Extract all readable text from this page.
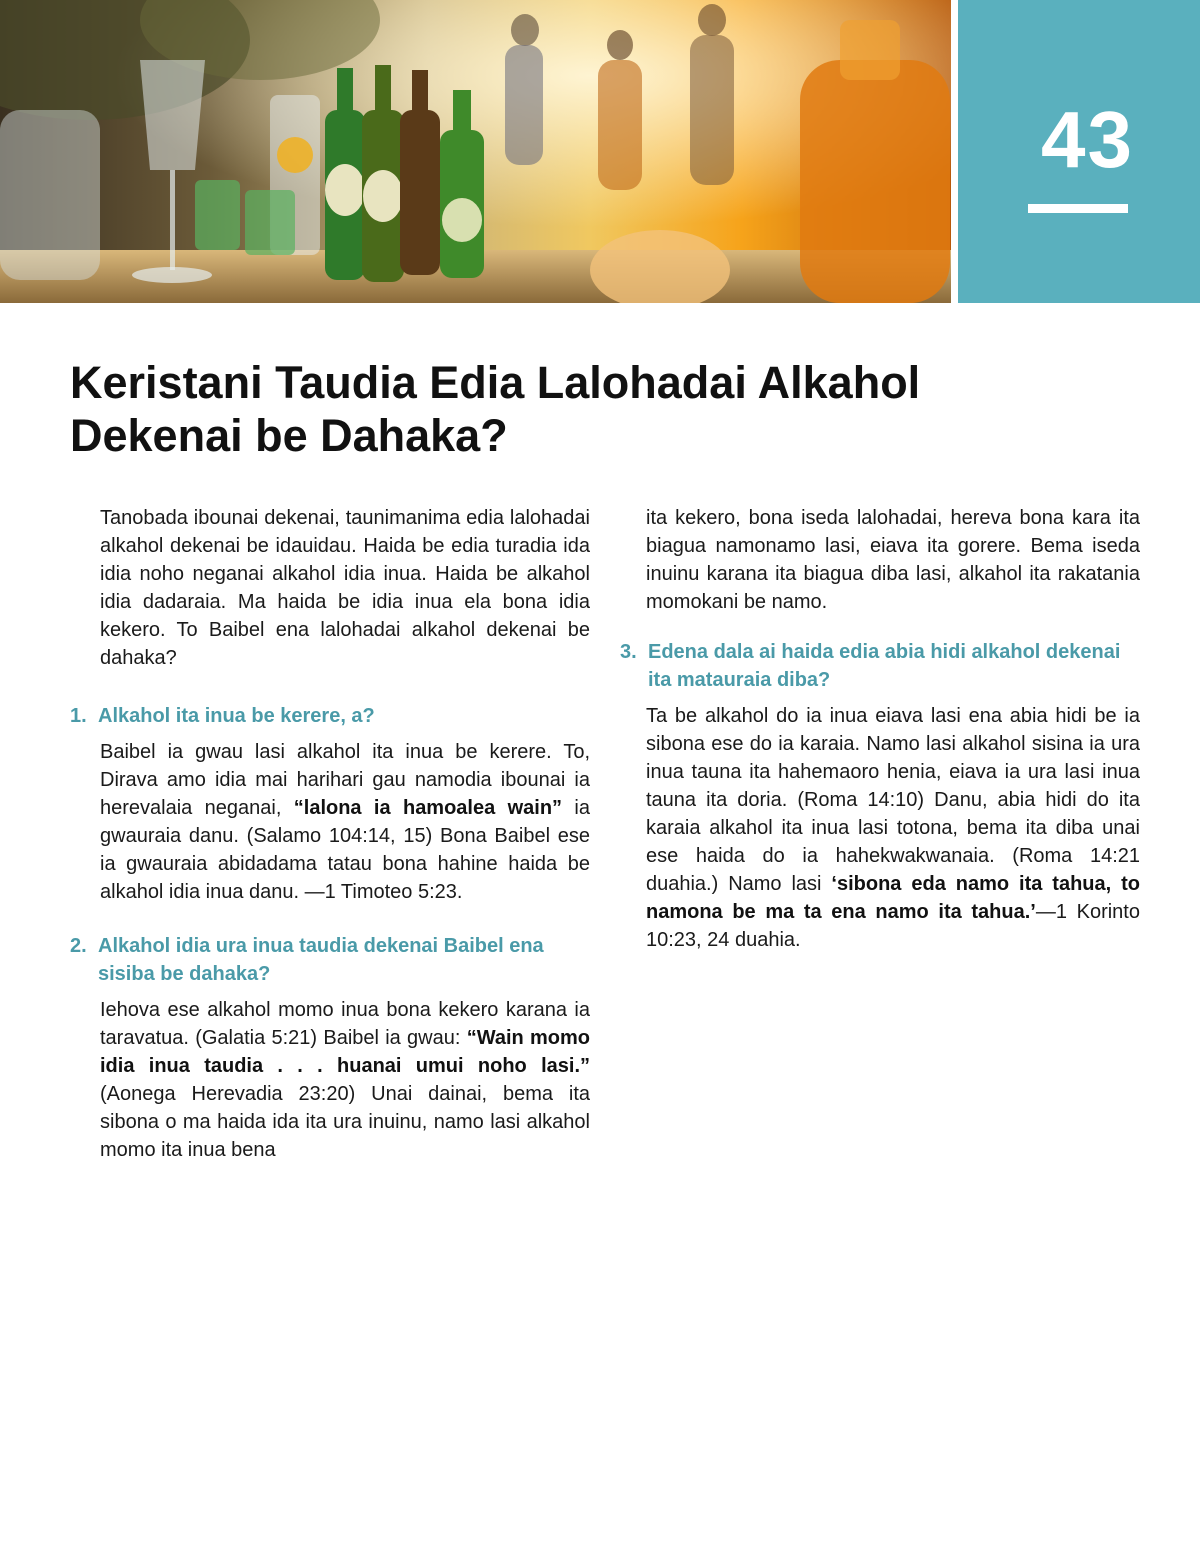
43
Keristani Taudia Edia Lalohadai Alkahol Dekenai be Dahaka?

Tanobada ibounai dekenai, taunimanima edia lalohadai alkahol dekenai be idauidau. Haida be edia turadia ida idia noho neganai alkahol idia inua. Haida be alkahol idia dadaraia. Ma haida be idia inua ela bona idia kekero. To Baibel ena lalohadai alkahol dekenai be dahaka?

1. Alkahol ita inua be kerere, a?

Baibel ia gwau lasi alkahol ita inua be kerere. To, Dirava amo idia mai harihari gau namodia ibounai ia herevalaia neganai, “lalona ia hamoalea wain” ia gwauraia danu. (Salamo 104:14, 15) Bona Baibel ese ia gwauraia abidadama tatau bona hahine haida be alkahol idia inua danu. —1 Timoteo 5:23.

2. Alkahol idia ura inua taudia dekenai Baibel ena sisiba be dahaka?

Iehova ese alkahol momo inua bona kekero karana ia taravatua. (Galatia 5:21) Baibel ia gwau: “Wain momo idia inua taudia . . . huanai umui noho lasi.” (Aonega Herevadia 23:20) Unai dainai, bema ita sibona o ma haida ida ita ura inuinu, namo lasi alkahol momo ita inua bena

ita kekero, bona iseda lalohadai, hereva bona kara ita biagua namonamo lasi, eiava ita gorere. Bema iseda inuinu karana ita biagua diba lasi, alkahol ita rakatania momokani be namo.

3. Edena dala ai haida edia abia hidi alkahol dekenai ita matauraia diba?

Ta be alkahol do ia inua eiava lasi ena abia hidi be ia sibona ese do ia karaia. Namo lasi alkahol sisina ia ura inua tauna ita hahemaoro henia, eiava ia ura lasi inua tauna ita doria. (Roma 14:10) Danu, abia hidi do ita karaia alkahol ita inua lasi totona, bema ita diba unai ese haida do ia hahekwakwanaia. (Roma 14:21 duahia.) Namo lasi ‘sibona eda namo ita tahua, to namona be ma ta ena namo ita tahua.’—1 Korinto 10:23, 24 duahia.
